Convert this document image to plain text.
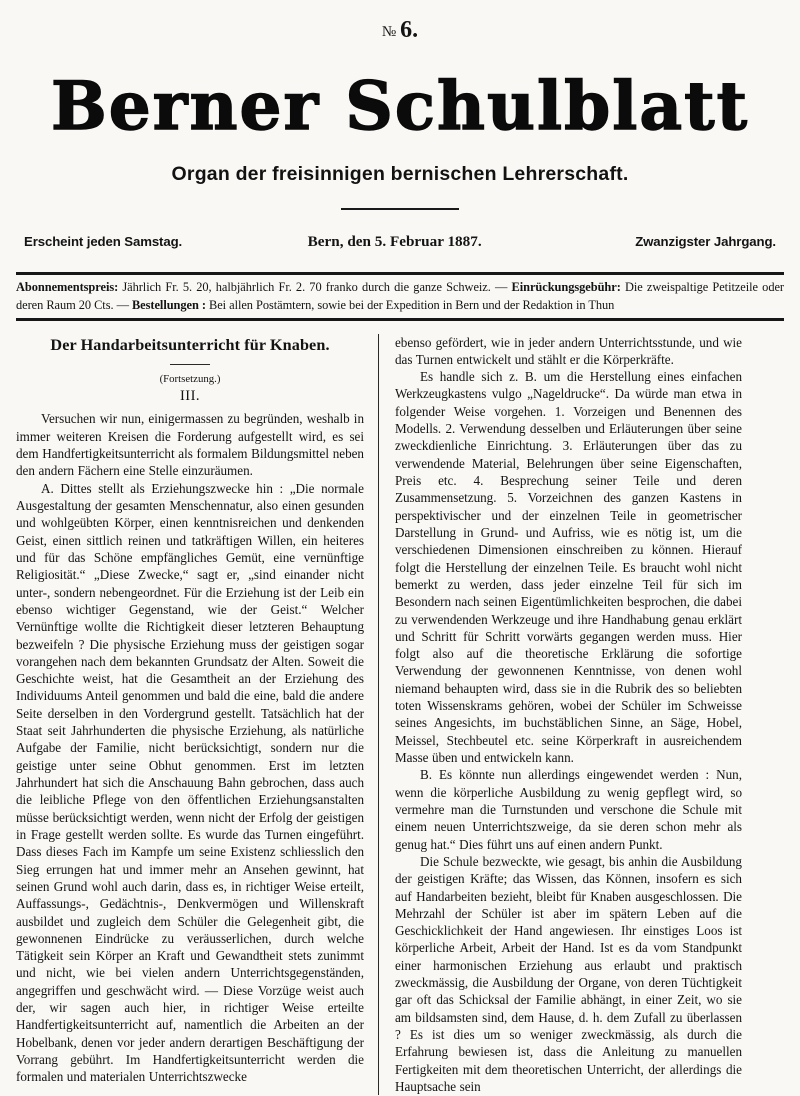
№ 6.
Berner Schulblatt
Organ der freisinnigen bernischen Lehrerschaft.
Erscheint jeden Samstag.	Bern, den 5. Februar 1887.	Zwanzigster Jahrgang.

Abonnementspreis: Jährlich Fr. 5. 20, halbjährlich Fr. 2. 70 franko durch die ganze Schweiz. — Einrückungsgebühr: Die zweispaltige Petitzeile oder deren Raum 20 Cts. — Bestellungen : Bei allen Postämtern, sowie bei der Expedition in Bern und der Redaktion in Thun

Der Handarbeitsunterricht für Knaben.
(Fortsetzung.)
III.

Versuchen wir nun, einigermassen zu begründen, weshalb in immer weiteren Kreisen die Forderung aufgestellt wird, es sei dem Handfertigkeitsunterricht als formalem Bildungsmittel neben den andern Fächern eine Stelle einzuräumen.

A. Dittes stellt als Erziehungszwecke hin : „Die normale Ausgestaltung der gesamten Menschennatur, also einen gesunden und wohlgeübten Körper, einen kenntnisreichen und denkenden Geist, einen sittlich reinen und tatkräftigen Willen, ein heiteres und für das Schöne empfängliches Gemüt, eine vernünftige Religiosität.“ „Diese Zwecke,“ sagt er, „sind einander nicht unter-, sondern nebengeordnet. Für die Erziehung ist der Leib ein ebenso wichtiger Gegenstand, wie der Geist.“ Welcher Vernünftige wollte die Richtigkeit dieser letzteren Behauptung bezweifeln ? Die physische Erziehung muss der geistigen sogar vorangehen nach dem bekannten Grundsatz der Alten. Soweit die Geschichte weist, hat die Gesamtheit an der Erziehung des Individuums Anteil genommen und bald die eine, bald die andere Seite derselben in den Vordergrund gestellt. Tatsächlich hat der Staat seit Jahrhunderten die physische Erziehung, als natürliche Aufgabe der Familie, nicht berücksichtigt, sondern nur die geistige unter seine Obhut genommen. Erst im letzten Jahrhundert hat sich die Anschauung Bahn gebrochen, dass auch die leibliche Pflege von den öffentlichen Erziehungsanstalten müsse berücksichtigt werden, wenn nicht der Erfolg der geistigen in Frage gestellt werden sollte. Es wurde das Turnen eingeführt. Dass dieses Fach im Kampfe um seine Existenz schliesslich den Sieg errungen hat und immer mehr an Ansehen gewinnt, hat seinen Grund wohl auch darin, dass es, in richtiger Weise erteilt, Auffassungs-, Gedächtnis-, Denkvermögen und Willenskraft ausbildet und zugleich dem Schüler die Gelegenheit gibt, die gewonnenen Eindrücke zu veräusserlichen, durch welche Tätigkeit sein Körper an Kraft und Gewandtheit stets zunimmt und nicht, wie bei vielen andern Unterrichtsgegenständen, angegriffen und geschwächt wird. — Diese Vorzüge weist auch der, wir sagen auch hier, in richtiger Weise erteilte Handfertigkeitsunterricht auf, namentlich die Arbeiten an der Hobelbank, denen vor jeder andern derartigen Beschäftigung der Vorrang gebührt. Im Handfertigkeitsunterricht werden die formalen und materialen Unterrichtszwecke

ebenso gefördert, wie in jeder andern Unterrichtsstunde, und wie das Turnen entwickelt und stählt er die Körperkräfte.

Es handle sich z. B. um die Herstellung eines einfachen Werkzeugkastens vulgo „Nageldrucke“. Da würde man etwa in folgender Weise vorgehen. 1. Vorzeigen und Benennen des Modells. 2. Verwendung desselben und Erläuterungen über seine zweckdienliche Einrichtung. 3. Erläuterungen über das zu verwendende Material, Belehrungen über seine Eigenschaften, Preis etc. 4. Besprechung seiner Teile und deren Zusammensetzung. 5. Vorzeichnen des ganzen Kastens in perspektivischer und der einzelnen Teile in geometrischer Darstellung in Grund- und Aufriss, wie es nötig ist, um die verschiedenen Dimensionen einschreiben zu können. Hierauf folgt die Herstellung der einzelnen Teile. Es braucht wohl nicht bemerkt zu werden, dass jeder einzelne Teil für sich im Besondern nach seinen Eigentümlichkeiten besprochen, die dabei zu verwendenden Werkzeuge und ihre Handhabung genau erklärt und Schritt für Schritt vorwärts gegangen werden muss. Hier folgt also auf die theoretische Erklärung die sofortige Verwendung der gewonnenen Kenntnisse, von denen wohl niemand behaupten wird, dass sie in die Rubrik des so beliebten toten Wissenskrams gehören, wobei der Schüler im Schweisse seines Angesichts, im buchstäblichen Sinne, an Säge, Hobel, Meissel, Stechbeutel etc. seine Körperkraft in ausreichendem Masse üben und entwickeln kann.

B. Es könnte nun allerdings eingewendet werden : Nun, wenn die körperliche Ausbildung zu wenig gepflegt wird, so vermehre man die Turnstunden und verschone die Schule mit einem neuen Unterrichtszweige, da sie deren schon mehr als genug hat.“ Dies führt uns auf einen andern Punkt.

Die Schule bezweckte, wie gesagt, bis anhin die Ausbildung der geistigen Kräfte; das Wissen, das Können, insofern es sich auf Handarbeiten bezieht, bleibt für Knaben ausgeschlossen. Die Mehrzahl der Schüler ist aber im spätern Leben auf die Geschicklichkeit der Hand angewiesen. Ihr einstiges Loos ist körperliche Arbeit, Arbeit der Hand. Ist es da vom Standpunkt einer harmonischen Erziehung aus erlaubt und praktisch zweckmässig, die Ausbildung der Organe, von deren Tüchtigkeit gar oft das Schicksal der Familie abhängt, in einer Zeit, wo sie am bildsamsten sind, dem Hause, d. h. dem Zufall zu überlassen ? Es ist dies um so weniger zweckmässig, als durch die Erfahrung bewiesen ist, dass die Anleitung zu manuellen Fertigkeiten mit dem theoretischen Unterricht, der allerdings die Hauptsache sein
